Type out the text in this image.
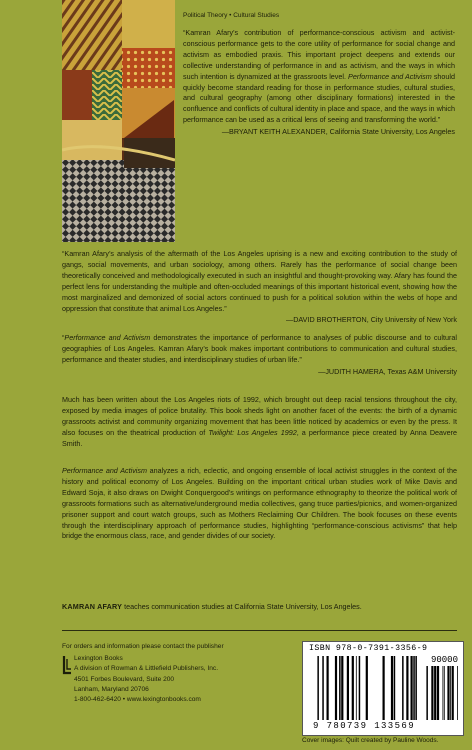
Political Theory • Cultural Studies

“Kamran Afary’s contribution of performance-conscious activism and activist-conscious performance gets to the core utility of performance for social change and activism as embodied praxis. This important project deepens and extends our collective understanding of performance in and as activism, and the ways in which such intention is dynamized at the grassroots level. Performance and Activism should quickly become standard reading for those in performance studies, cultural studies, and cultural geography (among other disciplinary formations) interested in the confluence and conflicts of cultural identity in place and space, and the ways in which performance can be used as a critical lens of seeing and transforming the world.”

—BRYANT KEITH ALEXANDER, California State University, Los Angeles

“Kamran Afary’s analysis of the aftermath of the Los Angeles uprising is a new and exciting contribution to the study of gangs, social movements, and urban sociology, among others. Rarely has the performance of social change been theoretically conceived and methodologically executed in such an insightful and thought-provoking way. Afary has found the perfect lens for understanding the multiple and often-occluded meanings of this important historical event, showing how the most marginalized and demonized of social actors continued to push for a political solution within the webs of hope and oppression that constitute that animal Los Angeles.”

—DAVID BROTHERTON, City University of New York

“Performance and Activism demonstrates the importance of performance to analyses of public discourse and to cultural geographies of Los Angeles. Kamran Afary’s book makes important contributions to communication and cultural studies, performance and theater studies, and interdisciplinary studies of urban life.”

—JUDITH HAMERA, Texas A&M University

Much has been written about the Los Angeles riots of 1992, which brought out deep racial tensions throughout the city, exposed by media images of police brutality. This book sheds light on another facet of the events: the birth of a dynamic grassroots activist and community organizing movement that has been little noticed by academics or even by the press. It also focuses on the theatrical production of Twilight: Los Angeles 1992, a performance piece created by Anna Deavere Smith.

Performance and Activism analyzes a rich, eclectic, and ongoing ensemble of local activist struggles in the context of the history and political economy of Los Angeles. Building on the important critical urban studies work of Mike Davis and Edward Soja, it also draws on Dwight Conquergood’s writings on performance ethnography to theorize the political work of grassroots formations such as alternative/underground media collectives, gang truce parties/picnics, and women-organized prisoner support and court watch groups, such as Mothers Reclaiming Our Children. The book focuses on these events through the interdisciplinary approach of performance studies, highlighting “performance-conscious activisms” that help bridge the enormous class, race, and gender divides of our society.

KAMRAN AFARY teaches communication studies at California State University, Los Angeles.

For orders and information please contact the publisher
Lexington Books
A division of Rowman & Littlefield Publishers, Inc.
4501 Forbes Boulevard, Suite 200
Lanham, Maryland 20706
1-800-462-6420 • www.lexingtonbooks.com
ISBN 978-0-7391-3356-9
90000
9 780739 133569
Cover images: Quilt created by Pauline Woods.
